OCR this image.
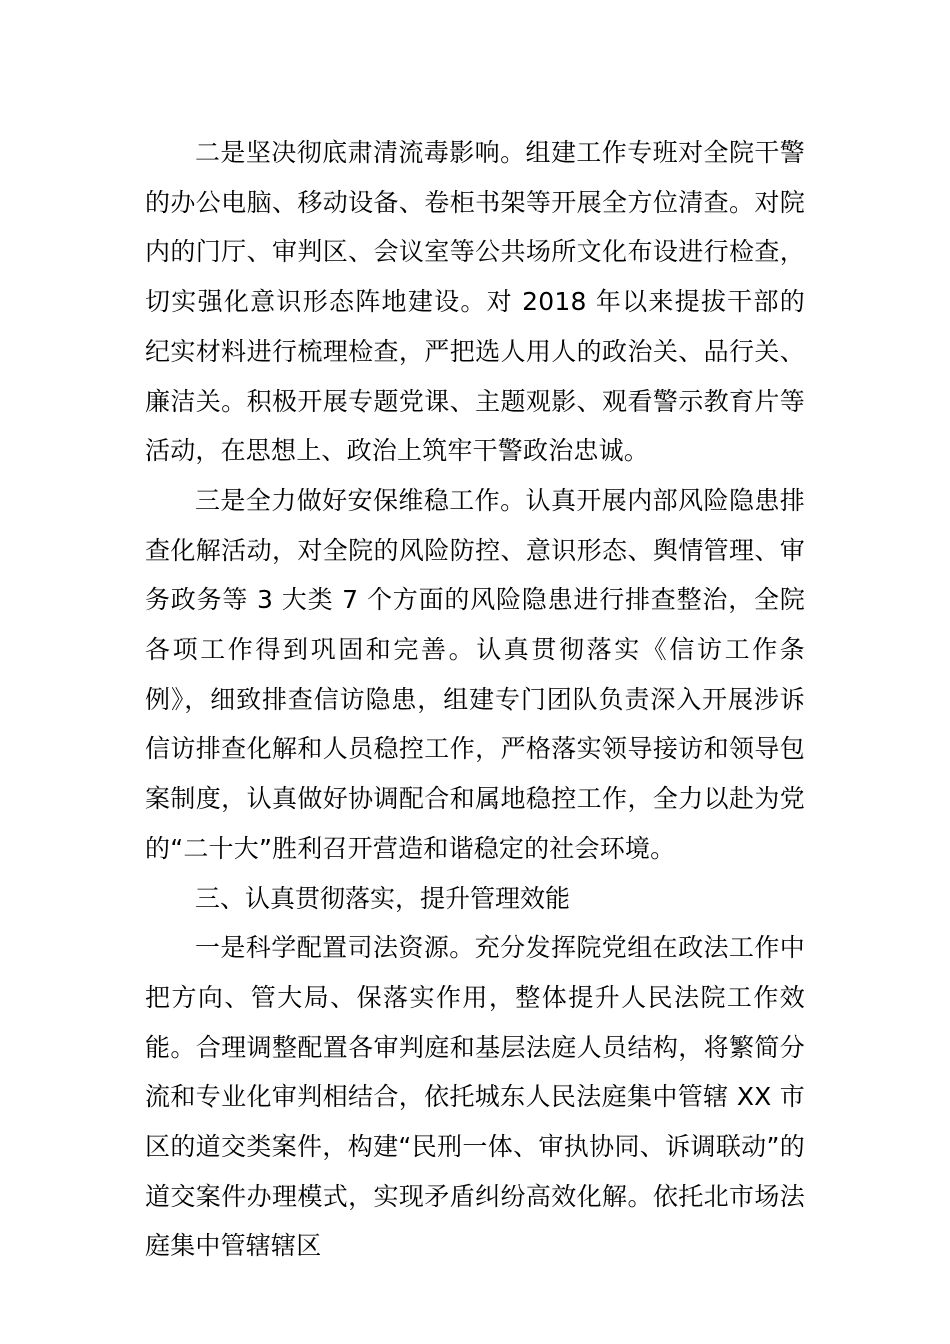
二是坚决彻底肃清流毒影响。组建工作专班对全院干警的办公电脑、移动设备、卷柜书架等开展全方位清查。对院内的门厅、审判区、会议室等公共场所文化布设进行检查，切实强化意识形态阵地建设。对 2018 年以来提拔干部的纪实材料进行梳理检查，严把选人用人的政治关、品行关、廉洁关。积极开展专题党课、主题观影、观看警示教育片等活动，在思想上、政治上筑牢干警政治忠诚。

三是全力做好安保维稳工作。认真开展内部风险隐患排查化解活动，对全院的风险防控、意识形态、舆情管理、审务政务等 3 大类 7 个方面的风险隐患进行排查整治，全院各项工作得到巩固和完善。认真贯彻落实《信访工作条例》，细致排查信访隐患，组建专门团队负责深入开展涉诉信访排查化解和人员稳控工作，严格落实领导接访和领导包案制度，认真做好协调配合和属地稳控工作，全力以赴为党的“二十大”胜利召开营造和谐稳定的社会环境。

三、认真贯彻落实，提升管理效能

一是科学配置司法资源。充分发挥院党组在政法工作中把方向、管大局、保落实作用，整体提升人民法院工作效能。合理调整配置各审判庭和基层法庭人员结构，将繁简分流和专业化审判相结合，依托城东人民法庭集中管辖 XX 市区的道交类案件，构建“民刑一体、审执协同、诉调联动”的道交案件办理模式，实现矛盾纠纷高效化解。依托北市场法庭集中管辖辖区
